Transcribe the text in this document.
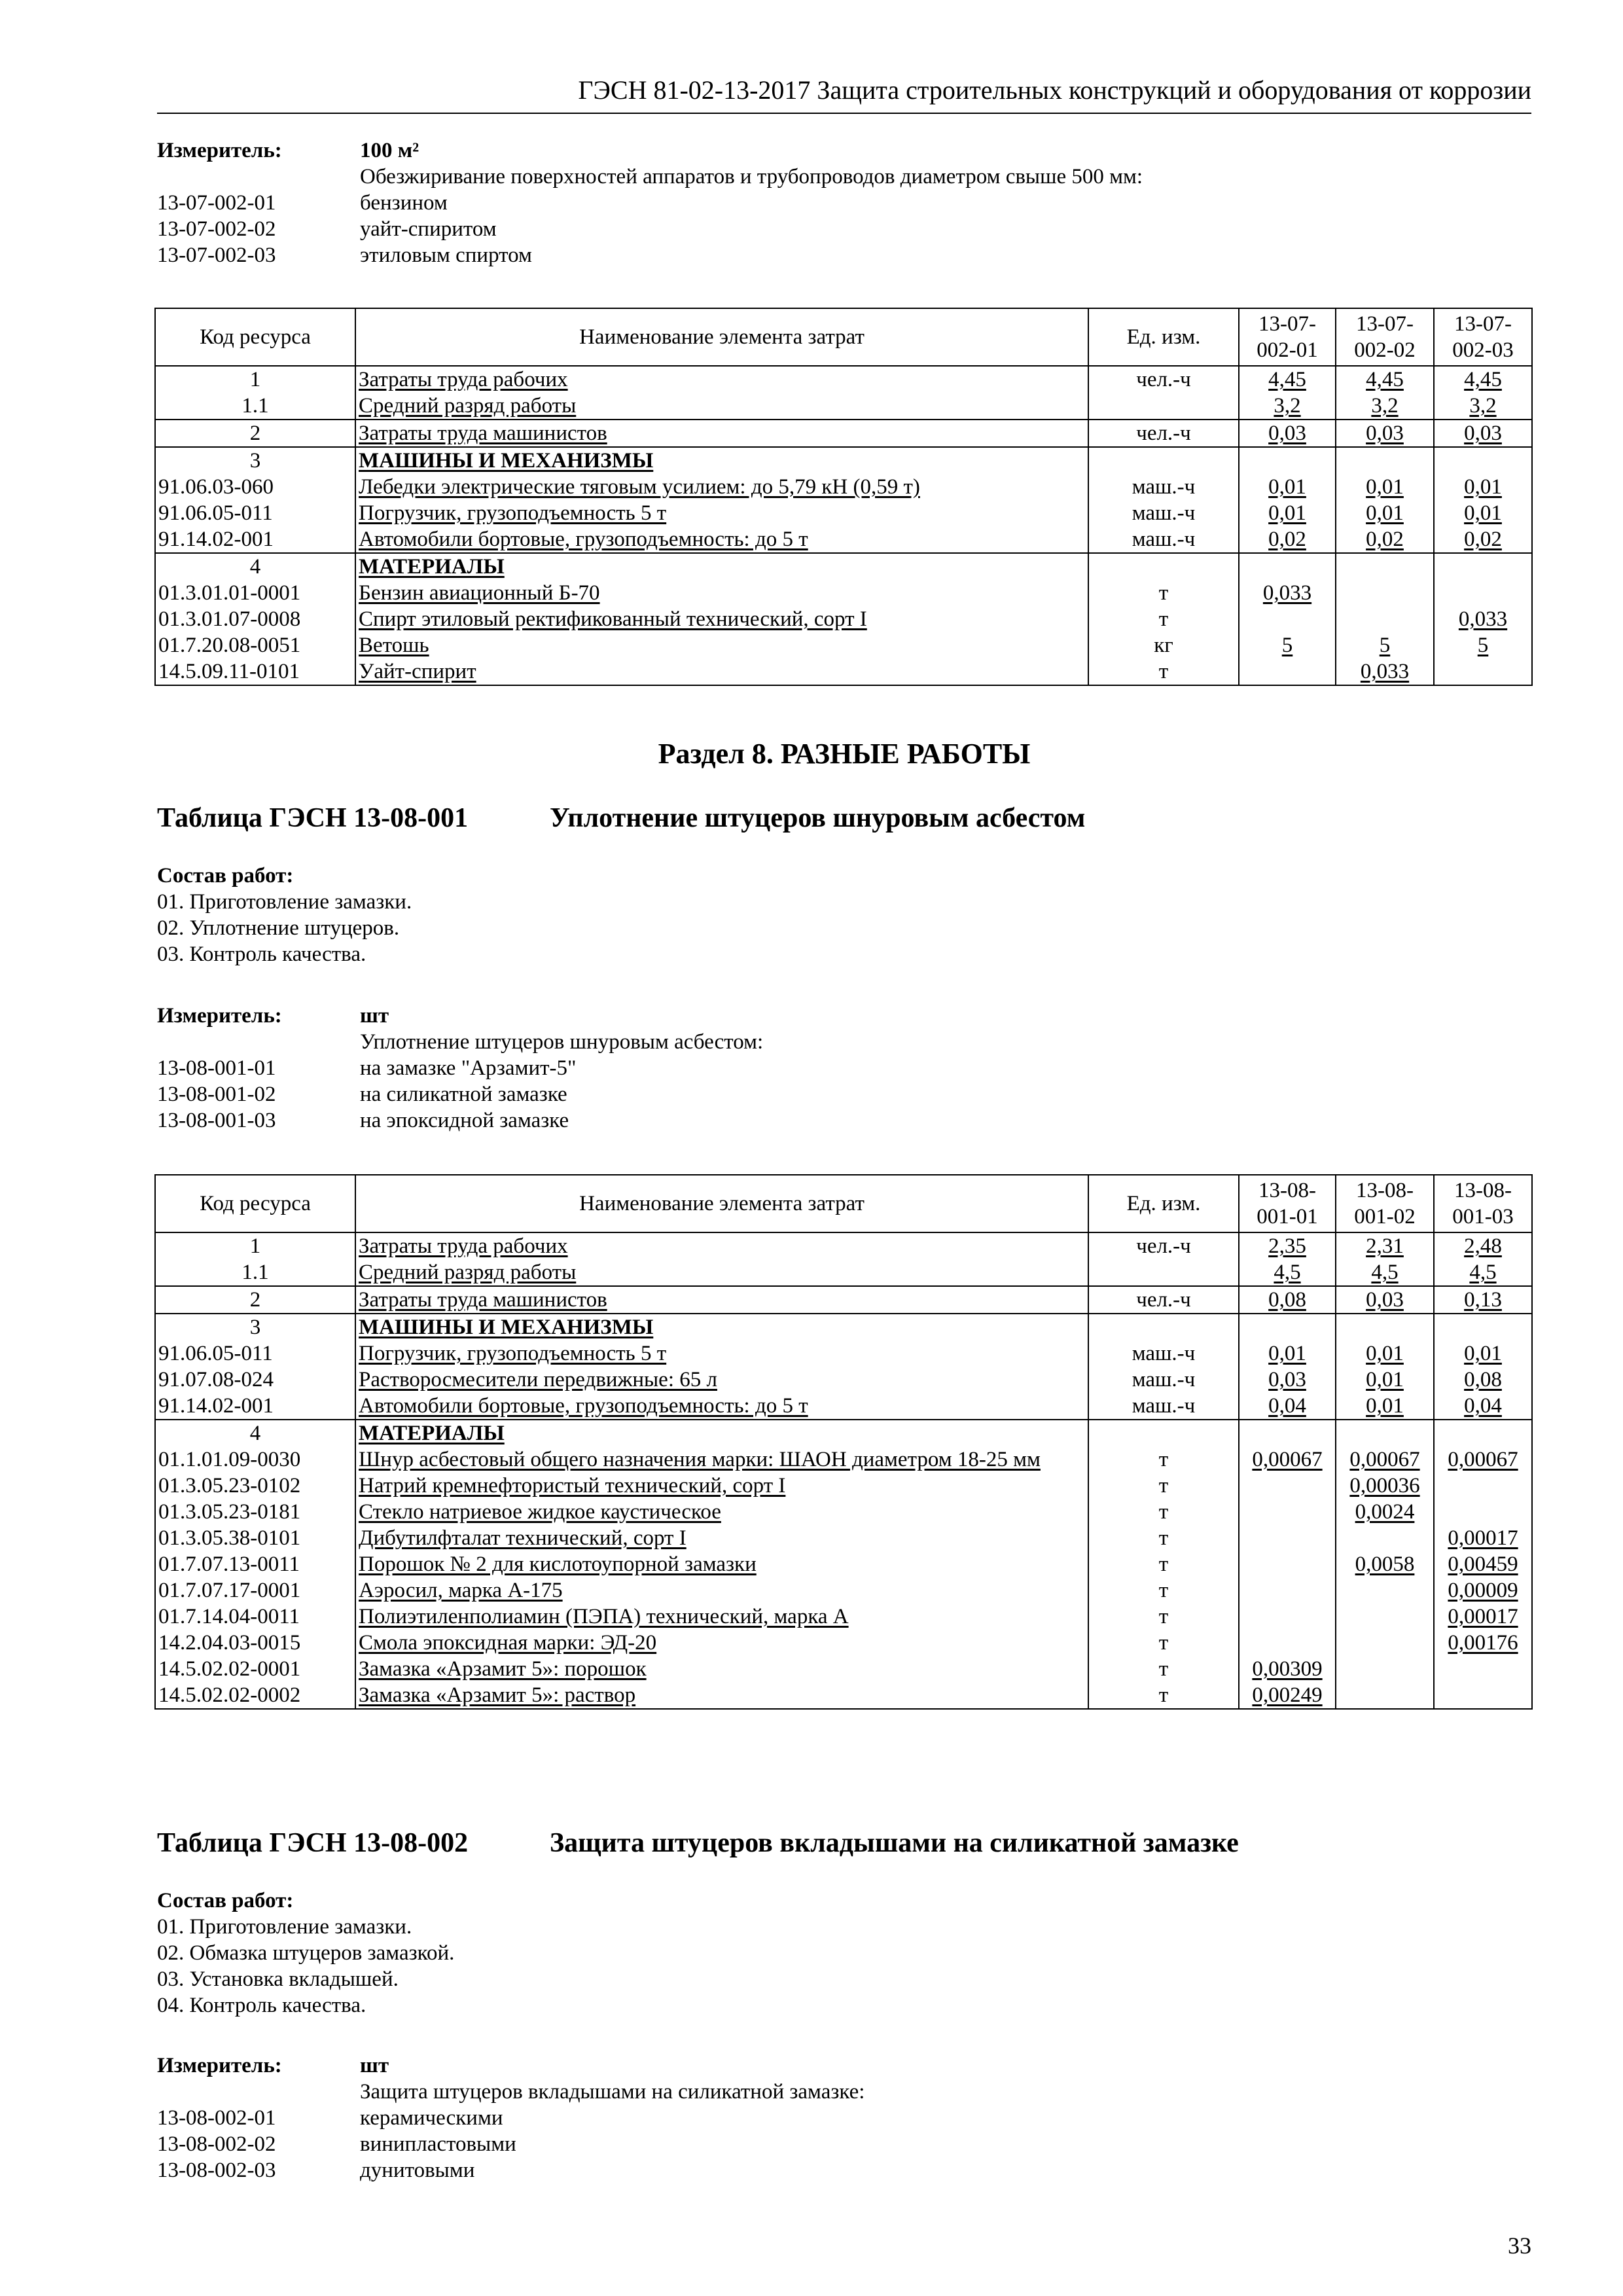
ГЭСН 81-02-13-2017 Защита строительных конструкций и оборудования от коррозии
Измеритель:	100 м²
Обезжиривание поверхностей аппаратов и трубопроводов диаметром свыше 500 мм:
13-07-002-01	бензином
13-07-002-02	уайт-спиритом
13-07-002-03	этиловым спиртом
Код ресурса	Наименование элемента затрат	Ед. изм.	13-07-
002-01	13-07-
002-02	13-07-
002-03
1	Затраты труда рабочих	чел.-ч	4,45	4,45	4,45
1.1	Средний разряд работы		3,2	3,2	3,2
2	Затраты труда машинистов	чел.-ч	0,03	0,03	0,03
3	МАШИНЫ И МЕХАНИЗМЫ				
91.06.03-060	Лебедки электрические тяговым усилием: до 5,79 кН (0,59 т)	маш.-ч	0,01	0,01	0,01
91.06.05-011	Погрузчик, грузоподъемность 5 т	маш.-ч	0,01	0,01	0,01
91.14.02-001	Автомобили бортовые, грузоподъемность: до 5 т	маш.-ч	0,02	0,02	0,02
4	МАТЕРИАЛЫ				
01.3.01.01-0001	Бензин авиационный Б-70	т	0,033		
01.3.01.07-0008	Спирт этиловый ректификованный технический, сорт I	т			0,033
01.7.20.08-0051	Ветошь	кг	5	5	5
14.5.09.11-0101	Уайт-спирит	т		0,033	
Раздел 8. РАЗНЫЕ РАБОТЫ
Таблица ГЭСН 13-08-001	Уплотнение штуцеров шнуровым асбестом
Состав работ:
01. Приготовление замазки.
02. Уплотнение штуцеров.
03. Контроль качества.
Измеритель:	шт
Уплотнение штуцеров шнуровым асбестом:
13-08-001-01	на замазке "Арзамит-5"
13-08-001-02	на силикатной замазке
13-08-001-03	на эпоксидной замазке
Код ресурса	Наименование элемента затрат	Ед. изм.	13-08-
001-01	13-08-
001-02	13-08-
001-03
1	Затраты труда рабочих	чел.-ч	2,35	2,31	2,48
1.1	Средний разряд работы		4,5	4,5	4,5
2	Затраты труда машинистов	чел.-ч	0,08	0,03	0,13
3	МАШИНЫ И МЕХАНИЗМЫ				
91.06.05-011	Погрузчик, грузоподъемность 5 т	маш.-ч	0,01	0,01	0,01
91.07.08-024	Растворосмесители передвижные: 65 л	маш.-ч	0,03	0,01	0,08
91.14.02-001	Автомобили бортовые, грузоподъемность: до 5 т	маш.-ч	0,04	0,01	0,04
4	МАТЕРИАЛЫ				
01.1.01.09-0030	Шнур асбестовый общего назначения марки: ШАОН диаметром 18-25 мм	т	0,00067	0,00067	0,00067
01.3.05.23-0102	Натрий кремнефтористый технический, сорт I	т		0,00036	
01.3.05.23-0181	Стекло натриевое жидкое каустическое	т		0,0024	
01.3.05.38-0101	Дибутилфталат технический, сорт I	т			0,00017
01.7.07.13-0011	Порошок № 2 для кислотоупорной замазки	т		0,0058	0,00459
01.7.07.17-0001	Аэросил, марка А-175	т			0,00009
01.7.14.04-0011	Полиэтиленполиамин (ПЭПА) технический, марка А	т			0,00017
14.2.04.03-0015	Смола эпоксидная марки: ЭД-20	т			0,00176
14.5.02.02-0001	Замазка «Арзамит 5»: порошок	т	0,00309		
14.5.02.02-0002	Замазка «Арзамит 5»: раствор	т	0,00249		
Таблица ГЭСН 13-08-002	Защита штуцеров вкладышами на силикатной замазке
Состав работ:
01. Приготовление замазки.
02. Обмазка штуцеров замазкой.
03. Установка вкладышей.
04. Контроль качества.
Измеритель:	шт
Защита штуцеров вкладышами на силикатной замазке:
13-08-002-01	керамическими
13-08-002-02	винипластовыми
13-08-002-03	дунитовыми
33
